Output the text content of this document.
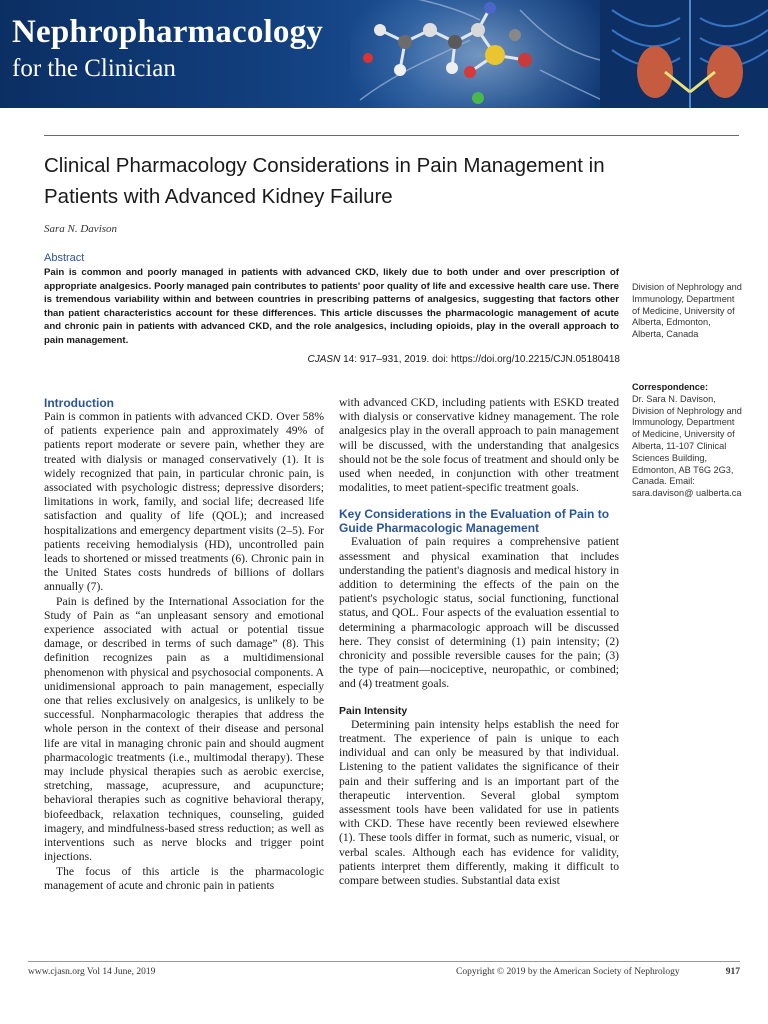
Nephropharmacology
for the Clinician
Clinical Pharmacology Considerations in Pain Management in Patients with Advanced Kidney Failure
Sara N. Davison
Abstract

Pain is common and poorly managed in patients with advanced CKD, likely due to both under and over prescription of appropriate analgesics. Poorly managed pain contributes to patients' poor quality of life and excessive health care use. There is tremendous variability within and between countries in prescribing patterns of analgesics, suggesting that factors other than patient characteristics account for these differences. This article discusses the pharmacologic management of acute and chronic pain in patients with advanced CKD, and the role analgesics, including opioids, play in the overall approach to pain management.

CJASN 14: 917–931, 2019. doi: https://doi.org/10.2215/CJN.05180418
Division of Nephrology and Immunology, Department of Medicine, University of Alberta, Edmonton, Alberta, Canada
Correspondence:
Dr. Sara N. Davison, Division of Nephrology and Immunology, Department of Medicine, University of Alberta, 11-107 Clinical Sciences Building, Edmonton, AB T6G 2G3, Canada. Email: sara.davison@ ualberta.ca
Introduction

Pain is common in patients with advanced CKD. Over 58% of patients experience pain and approximately 49% of patients report moderate or severe pain, whether they are treated with dialysis or managed conservatively (1). It is widely recognized that pain, in particular chronic pain, is associated with psychologic distress; depressive disorders; limitations in work, family, and social life; decreased life satisfaction and quality of life (QOL); and increased hospitalizations and emergency department visits (2–5). For patients receiving hemodialysis (HD), uncontrolled pain leads to shortened or missed treatments (6). Chronic pain in the United States costs hundreds of billions of dollars annually (7).

Pain is defined by the International Association for the Study of Pain as “an unpleasant sensory and emotional experience associated with actual or potential tissue damage, or described in terms of such damage” (8). This definition recognizes pain as a multidimensional phenomenon with physical and psychosocial components. A unidimensional approach to pain management, especially one that relies exclusively on analgesics, is unlikely to be successful. Nonpharmacologic therapies that address the whole person in the context of their disease and personal life are vital in managing chronic pain and should augment pharmacologic treatments (i.e., multimodal therapy). These may include physical therapies such as aerobic exercise, stretching, massage, acupressure, and acupuncture; behavioral therapies such as cognitive behavioral therapy, biofeedback, relaxation techniques, counseling, guided imagery, and mindfulness-based stress reduction; as well as interventions such as nerve blocks and trigger point injections.

The focus of this article is the pharmacologic management of acute and chronic pain in patients

with advanced CKD, including patients with ESKD treated with dialysis or conservative kidney management. The role analgesics play in the overall approach to pain management will be discussed, with the understanding that analgesics should not be the sole focus of treatment and should only be used when needed, in conjunction with other treatment modalities, to meet patient-specific treatment goals.

Key Considerations in the Evaluation of Pain to Guide Pharmacologic Management

Evaluation of pain requires a comprehensive patient assessment and physical examination that includes understanding the patient's diagnosis and medical history in addition to determining the effects of the pain on the patient's psychologic status, social functioning, functional status, and QOL. Four aspects of the evaluation essential to determining a pharmacologic approach will be discussed here. They consist of determining (1) pain intensity; (2) chronicity and possible reversible causes for the pain; (3) the type of pain—nociceptive, neuropathic, or combined; and (4) treatment goals.

Pain Intensity

Determining pain intensity helps establish the need for treatment. The experience of pain is unique to each individual and can only be measured by that individual. Listening to the patient validates the significance of their pain and their suffering and is an important part of the therapeutic intervention. Several global symptom assessment tools have been validated for use in patients with CKD. These have recently been reviewed elsewhere (1). These tools differ in format, such as numeric, visual, or verbal scales. Although each has evidence for validity, patients interpret them differently, making it difficult to compare between studies. Substantial data exist

www.cjasn.org Vol 14 June, 2019	Copyright © 2019 by the American Society of Nephrology	917
